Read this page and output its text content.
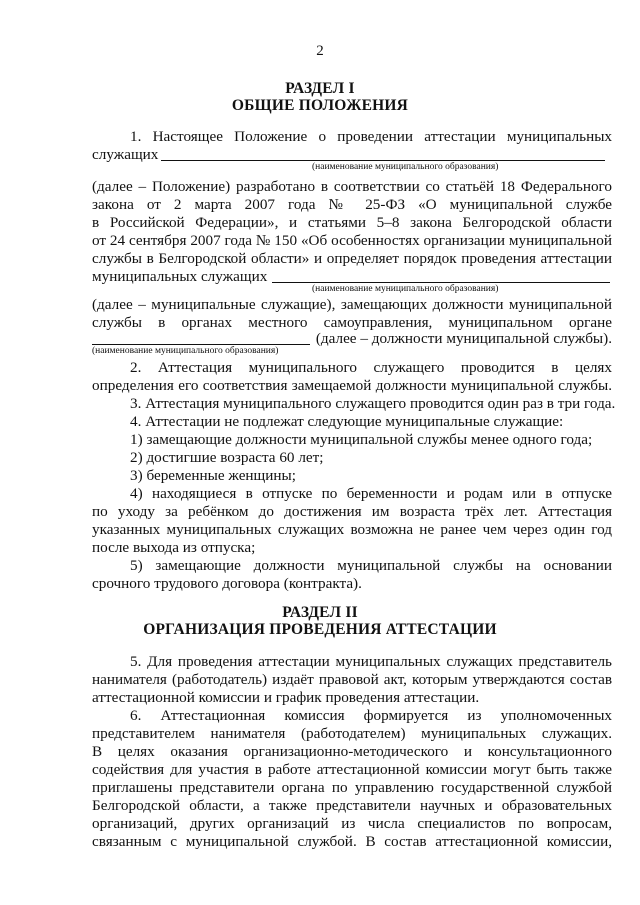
2
РАЗДЕЛ I
ОБЩИЕ ПОЛОЖЕНИЯ
1. Настоящее Положение о проведении аттестации муниципальных
служащих
(наименование муниципального образования)
(далее – Положение) разработано в соответствии со статьёй 18 Федерального
закона от 2 марта 2007 года № 25-ФЗ «О муниципальной службе
в Российской Федерации», и статьями 5–8 закона Белгородской области
от 24 сентября 2007 года № 150 «Об особенностях организации муниципальной
службы в Белгородской области» и определяет порядок проведения аттестации
муниципальных служащих
(наименование муниципального образования)
(далее – муниципальные служащие), замещающих должности муниципальной
службы в органах местного самоуправления, муниципальном органе
(далее – должности муниципальной службы).
(наименование муниципального образования)
2. Аттестация муниципального служащего проводится в целях
определения его соответствия замещаемой должности муниципальной службы.
3. Аттестация муниципального служащего проводится один раз в три года.
4. Аттестации не подлежат следующие муниципальные служащие:
1) замещающие должности муниципальной службы менее одного года;
2) достигшие возраста 60 лет;
3) беременные женщины;
4) находящиеся в отпуске по беременности и родам или в отпуске
по уходу за ребёнком до достижения им возраста трёх лет. Аттестация
указанных муниципальных служащих возможна не ранее чем через один год
после выхода из отпуска;
5) замещающие должности муниципальной службы на основании
срочного трудового договора (контракта).
РАЗДЕЛ II
ОРГАНИЗАЦИЯ ПРОВЕДЕНИЯ АТТЕСТАЦИИ
5. Для проведения аттестации муниципальных служащих представитель
нанимателя (работодатель) издаёт правовой акт, которым утверждаются состав
аттестационной комиссии и график проведения аттестации.
6. Аттестационная комиссия формируется из уполномоченных
представителем нанимателя (работодателем) муниципальных служащих.
В целях оказания организационно-методического и консультационного
содействия для участия в работе аттестационной комиссии могут быть также
приглашены представители органа по управлению государственной службой
Белгородской области, а также представители научных и образовательных
организаций, других организаций из числа специалистов по вопросам,
связанным с муниципальной службой. В состав аттестационной комиссии,
